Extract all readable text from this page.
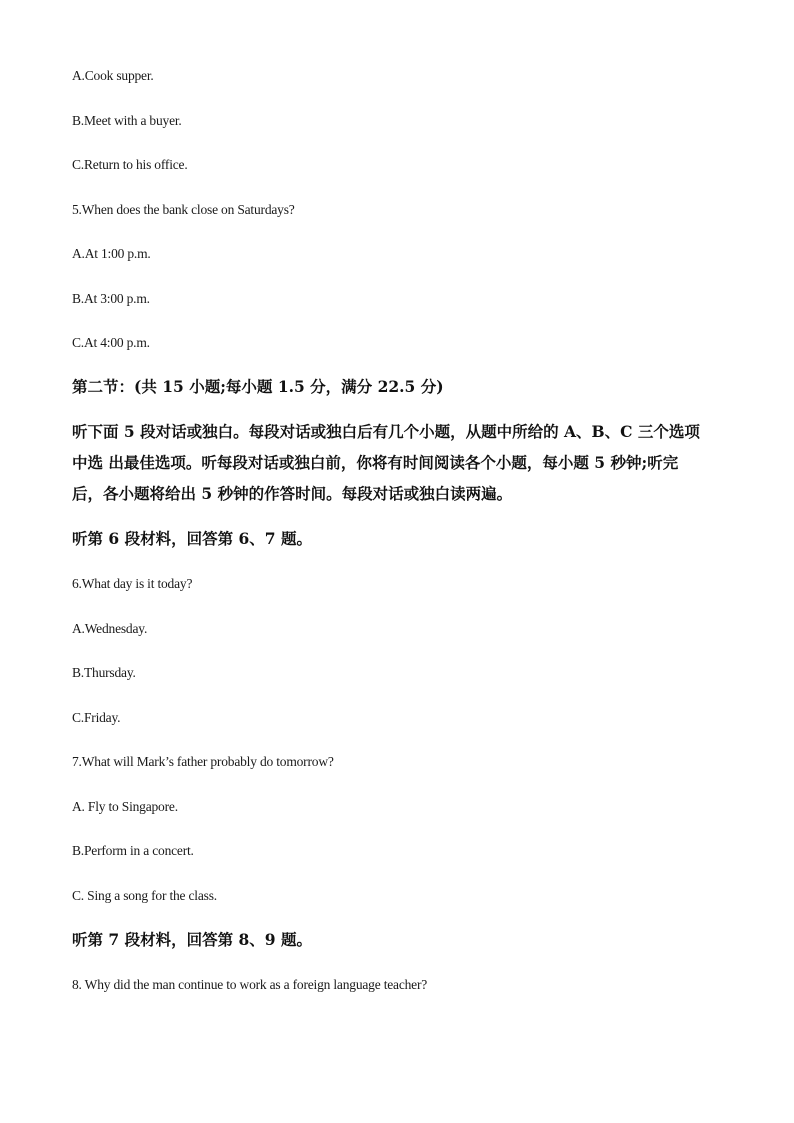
A.Cook supper.
B.Meet with a buyer.
C.Return to his office.
5.When does the bank close on Saturdays?
A.At 1:00 p.m.
B.At 3:00 p.m.
C.At 4:00 p.m.
第二节：(共 15 小题;每小题 1.5 分，满分 22.5 分)
听下面 5 段对话或独白。每段对话或独白后有几个小题，从题中所给的 A、B、C 三个选项
中选 出最佳选项。听每段对话或独白前，你将有时间阅读各个小题，每小题 5 秒钟;听完
后，各小题将给出 5 秒钟的作答时间。每段对话或独白读两遍。
听第 6 段材料，回答第 6、7 题。
6.What day is it today?
A.Wednesday.
B.Thursday.
C.Friday.
7.What will Mark’s father probably do tomorrow?
A. Fly to Singapore.
B.Perform in a concert.
C. Sing a song for the class.
听第 7 段材料，回答第 8、9 题。
8. Why did the man continue to work as a foreign language teacher?
